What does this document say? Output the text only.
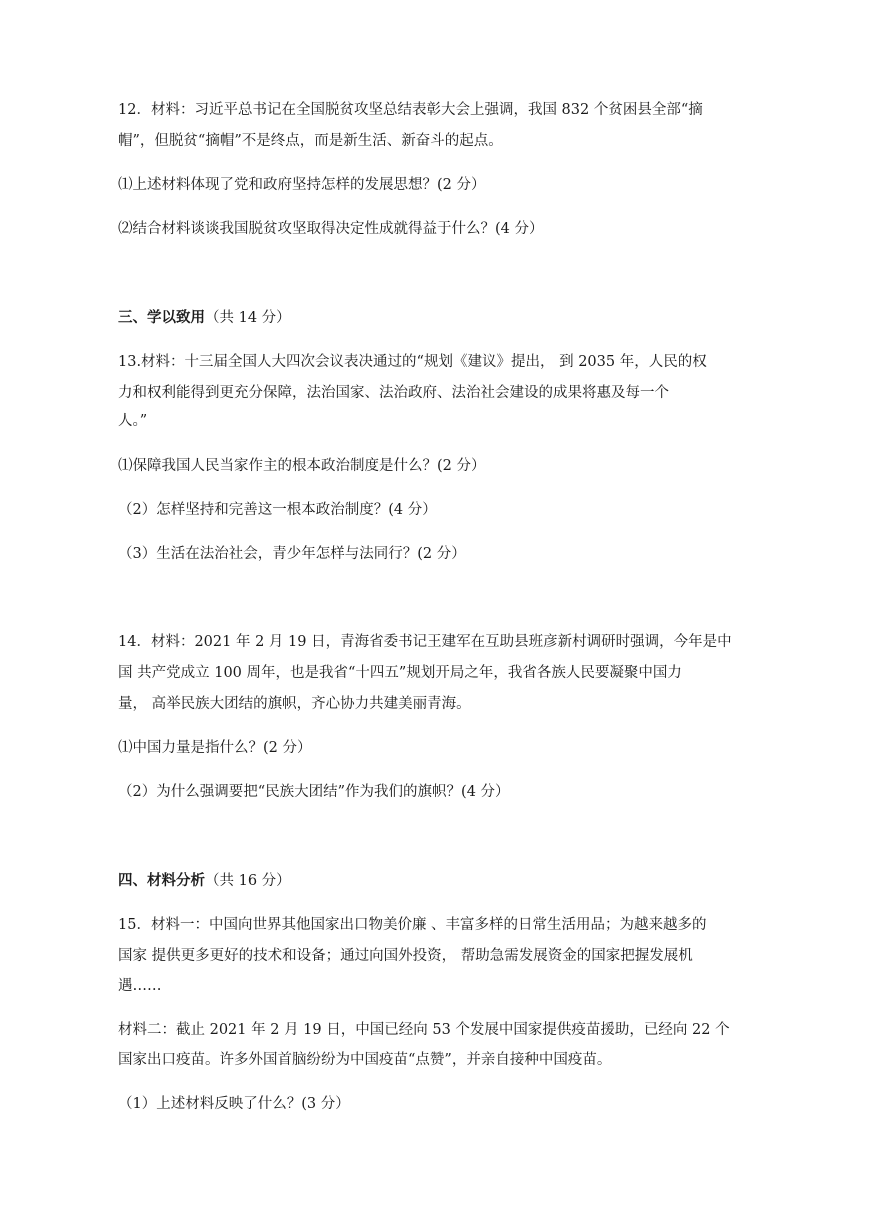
12．材料：习近平总书记在全国脱贫攻坚总结表彰大会上强调，我国 832 个贫困县全部“摘
帽”，但脱贫“摘帽”不是终点，而是新生活、新奋斗的起点。
⑴上述材料体现了党和政府坚持怎样的发展思想？(2 分）
⑵结合材料谈谈我国脱贫攻坚取得决定性成就得益于什么？(4 分）
三、学以致用（共 14 分）
13.材料：十三届全国人大四次会议表决通过的“规划《建议》提出， 到 2035 年，人民的权
力和权利能得到更充分保障，法治国家、法治政府、法治社会建设的成果将惠及每一个
人。”
⑴保障我国人民当家作主的根本政治制度是什么？(2 分）
（2）怎样坚持和完善这一根本政治制度？(4 分）
（3）生活在法治社会，青少年怎样与法同行？(2 分）
14．材料：2021 年 2 月 19 日，青海省委书记王建军在互助县班彦新村调研时强调，今年是中
国 共产党成立 100 周年，也是我省“十四五”规划开局之年，我省各族人民要凝聚中国力
量， 高举民族大团结的旗帜，齐心协力共建美丽青海。
⑴中国力量是指什么？(2 分）
（2）为什么强调要把“民族大团结”作为我们的旗帜？(4 分）
四、材料分析（共 16 分）
15．材料一：中国向世界其他国家出口物美价廉 、丰富多样的日常生活用品；为越来越多的
国家 提供更多更好的技术和设备；通过向国外投资， 帮助急需发展资金的国家把握发展机
遇……
材料二：截止 2021 年 2 月 19 日，中国已经向 53 个发展中国家提供疫苗援助，已经向 22 个
国家出口疫苗。许多外国首脑纷纷为中国疫苗“点赞”，并亲自接种中国疫苗。
（1）上述材料反映了什么？(3 分）
